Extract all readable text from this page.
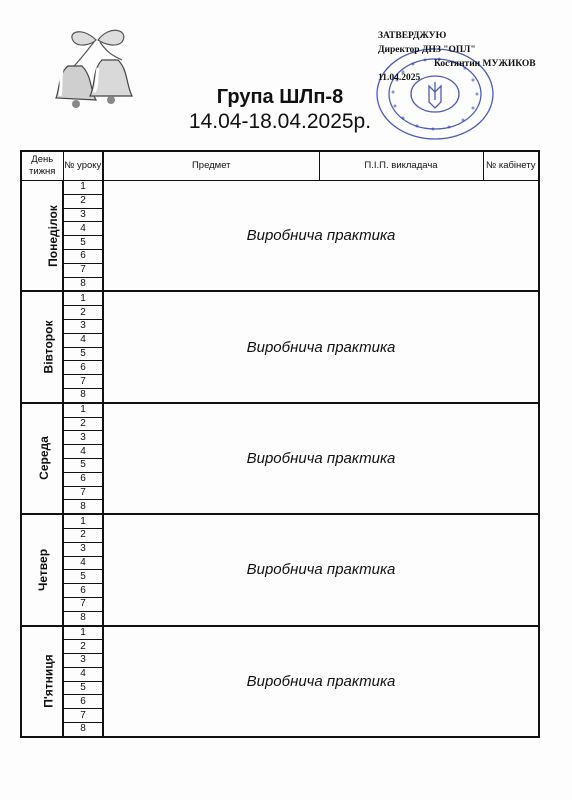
ЗАТВЕРДЖУЮ
Директор ДНЗ "ОПЛ"
Костянтин МУЖИКОВ
11.04.2025
Група ШЛп-8
14.04-18.04.2025р.
День тижня	№ уроку	Предмет	П.І.П. викладача	№ кабінету
Понеділок	1	Виробнича практика		
	2			
	3			
	4			
	5			
	6			
	7			
	8			
Вівторок	1	Виробнича практика		
	2			
	3			
	4			
	5			
	6			
	7			
	8			
Середа	1	Виробнича практика		
	2			
	3			
	4			
	5			
	6			
	7			
	8			
Четвер	1	Виробнича практика		
	2			
	3			
	4			
	5			
	6			
	7			
	8			
П'ятниця	1	Виробнича практика		
	2			
	3			
	4			
	5			
	6			
	7			
	8			
